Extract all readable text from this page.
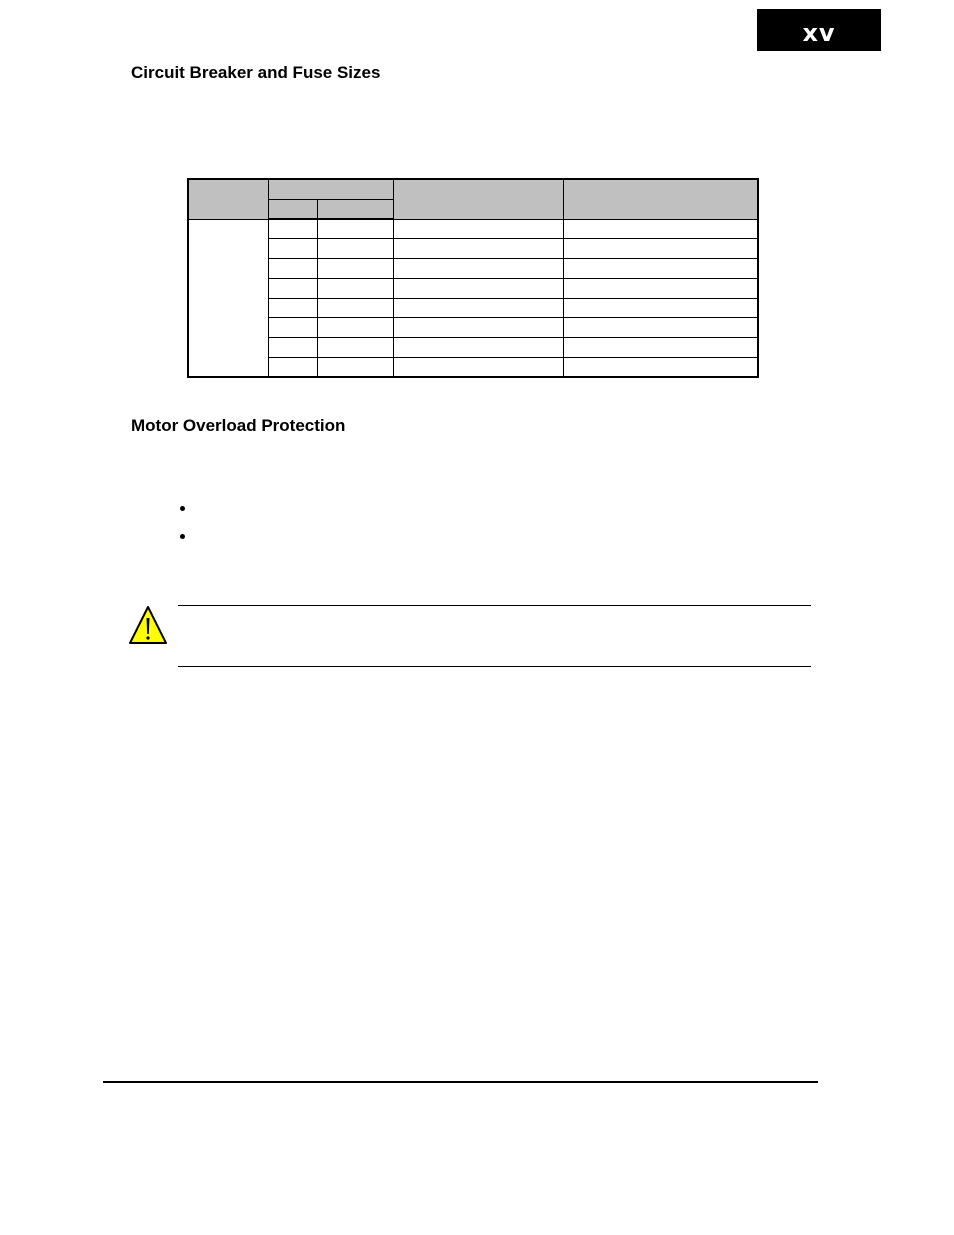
xv
Circuit Breaker and Fuse Sizes

Motor Overload Protection
